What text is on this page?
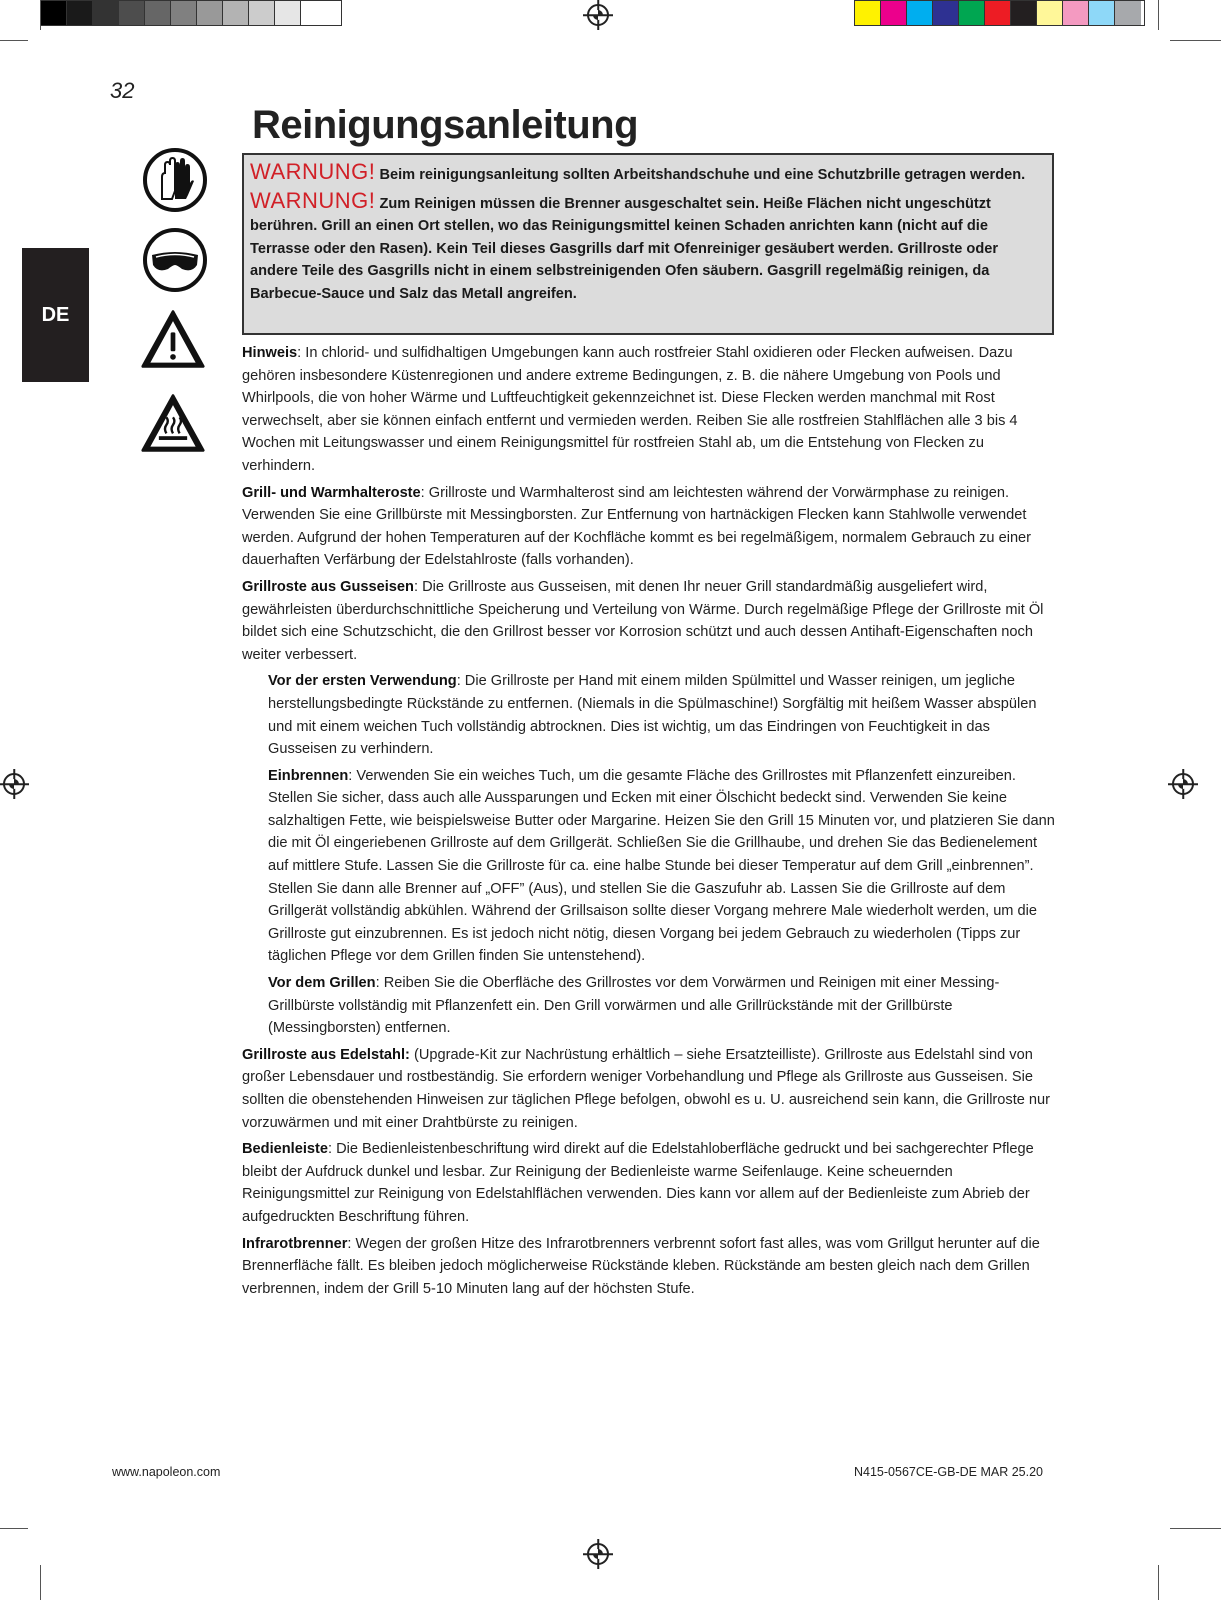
32
Reinigungsanleitung
DE

WARNUNG! Beim reinigungsanleitung sollten Arbeitshandschuhe und eine Schutzbrille getragen werden.

WARNUNG! Zum Reinigen müssen die Brenner ausgeschaltet sein. Heiße Flächen nicht ungeschützt berühren. Grill an einen Ort stellen, wo das Reinigungsmittel keinen Schaden anrichten kann (nicht auf die Terrasse oder den Rasen). Kein Teil dieses Gasgrills darf mit Ofenreiniger gesäubert werden. Grillroste oder andere Teile des Gasgrills nicht in einem selbstreinigenden Ofen säubern. Gasgrill regelmäßig reinigen, da Barbecue-Sauce und Salz das Metall angreifen.

Hinweis: In chlorid- und sulfidhaltigen Umgebungen kann auch rostfreier Stahl oxidieren oder Flecken aufweisen. Dazu gehören insbesondere Küstenregionen und andere extreme Bedingungen, z. B. die nähere Umgebung von Pools und Whirlpools, die von hoher Wärme und Luftfeuchtigkeit gekennzeichnet ist. Diese Flecken werden manchmal mit Rost verwechselt, aber sie können einfach entfernt und vermieden werden. Reiben Sie alle rostfreien Stahlflächen alle 3 bis 4 Wochen mit Leitungswasser und einem Reinigungsmittel für rostfreien Stahl ab, um die Entstehung von Flecken zu verhindern.

Grill- und Warmhalteroste: Grillroste und Warmhalterost sind am leichtesten während der Vorwärmphase zu reinigen. Verwenden Sie eine Grillbürste mit Messingborsten. Zur Entfernung von hartnäckigen Flecken kann Stahlwolle verwendet werden. Aufgrund der hohen Temperaturen auf der Kochfläche kommt es bei regelmäßigem, normalem Gebrauch zu einer dauerhaften Verfärbung der Edelstahlroste (falls vorhanden).

Grillroste aus Gusseisen: Die Grillroste aus Gusseisen, mit denen Ihr neuer Grill standardmäßig ausgeliefert wird, gewährleisten überdurchschnittliche Speicherung und Verteilung von Wärme. Durch regelmäßige Pflege der Grillroste mit Öl bildet sich eine Schutzschicht, die den Grillrost besser vor Korrosion schützt und auch dessen Antihaft-Eigenschaften noch weiter verbessert.

Vor der ersten Verwendung: Die Grillroste per Hand mit einem milden Spülmittel und Wasser reinigen, um jegliche herstellungsbedingte Rückstände zu entfernen. (Niemals in die Spülmaschine!) Sorgfältig mit heißem Wasser abspülen und mit einem weichen Tuch vollständig abtrocknen. Dies ist wichtig, um das Eindringen von Feuchtigkeit in das Gusseisen zu verhindern.

Einbrennen: Verwenden Sie ein weiches Tuch, um die gesamte Fläche des Grillrostes mit Pflanzenfett einzureiben. Stellen Sie sicher, dass auch alle Aussparungen und Ecken mit einer Ölschicht bedeckt sind. Verwenden Sie keine salzhaltigen Fette, wie beispielsweise Butter oder Margarine. Heizen Sie den Grill 15 Minuten vor, und platzieren Sie dann die mit Öl eingeriebenen Grillroste auf dem Grillgerät. Schließen Sie die Grillhaube, und drehen Sie das Bedienelement auf mittlere Stufe. Lassen Sie die Grillroste für ca. eine halbe Stunde bei dieser Temperatur auf dem Grill „einbrennen”. Stellen Sie dann alle Brenner auf „OFF” (Aus), und stellen Sie die Gaszufuhr ab. Lassen Sie die Grillroste auf dem Grillgerät vollständig abkühlen. Während der Grillsaison sollte dieser Vorgang mehrere Male wiederholt werden, um die Grillroste gut einzubrennen. Es ist jedoch nicht nötig, diesen Vorgang bei jedem Gebrauch zu wiederholen (Tipps zur täglichen Pflege vor dem Grillen finden Sie untenstehend).

Vor dem Grillen: Reiben Sie die Oberfläche des Grillrostes vor dem Vorwärmen und Reinigen mit einer Messing-Grillbürste vollständig mit Pflanzenfett ein. Den Grill vorwärmen und alle Grillrückstände mit der Grillbürste (Messingborsten) entfernen.

Grillroste aus Edelstahl: (Upgrade-Kit zur Nachrüstung erhältlich – siehe Ersatzteilliste). Grillroste aus Edelstahl sind von großer Lebensdauer und rostbeständig. Sie erfordern weniger Vorbehandlung und Pflege als Grillroste aus Gusseisen. Sie sollten die obenstehenden Hinweisen zur täglichen Pflege befolgen, obwohl es u. U. ausreichend sein kann, die Grillroste nur vorzuwärmen und mit einer Drahtbürste zu reinigen.

Bedienleiste: Die Bedienleistenbeschriftung wird direkt auf die Edelstahloberfläche gedruckt und bei sachgerechter Pflege bleibt der Aufdruck dunkel und lesbar. Zur Reinigung der Bedienleiste warme Seifenlauge. Keine scheuernden Reinigungsmittel zur Reinigung von Edelstahlflächen verwenden. Dies kann vor allem auf der Bedienleiste zum Abrieb der aufgedruckten Beschriftung führen.

Infrarotbrenner: Wegen der großen Hitze des Infrarotbrenners verbrennt sofort fast alles, was vom Grillgut herunter auf die Brennerfläche fällt. Es bleiben jedoch möglicherweise Rückstände kleben. Rückstände am besten gleich nach dem Grillen verbrennen, indem der Grill 5-10 Minuten lang auf der höchsten Stufe.

www.napoleon.com	N415-0567CE-GB-DE MAR 25.20
